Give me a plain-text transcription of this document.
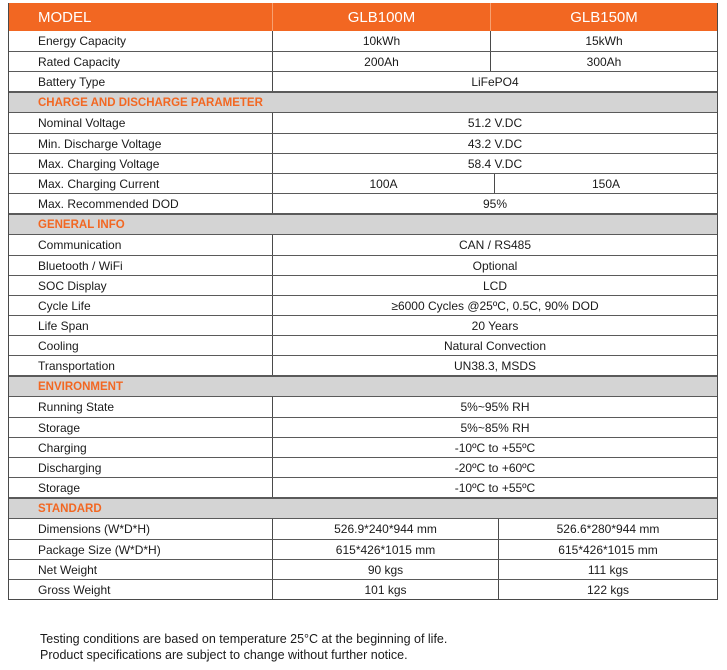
MODEL	GLB100M	GLB150M
Energy Capacity	10kWh	15kWh
Rated Capacity	200Ah	300Ah
Battery Type	LiFePO4
CHARGE AND DISCHARGE PARAMETER
Nominal Voltage	51.2 V.DC
Min. Discharge Voltage	43.2 V.DC
Max. Charging Voltage	58.4 V.DC
Max. Charging Current	100A	150A
Max. Recommended DOD	95%
GENERAL INFO
Communication	CAN / RS485
Bluetooth / WiFi	Optional
SOC Display	LCD
Cycle Life	≥6000 Cycles @25ºC, 0.5C, 90% DOD
Life Span	20 Years
Cooling	Natural Convection
Transportation	UN38.3, MSDS
ENVIRONMENT
Running State	5%~95% RH
Storage	5%~85% RH
Charging	-10ºC to +55ºC
Discharging	-20ºC to +60ºC
Storage	-10ºC to +55ºC
STANDARD
Dimensions (W*D*H)	526.9*240*944 mm	526.6*280*944 mm
Package Size (W*D*H)	615*426*1015 mm	615*426*1015 mm
Net Weight	90 kgs	111 kgs
Gross Weight	101 kgs	122 kgs
Testing conditions are based on temperature 25°C at the beginning of life.
Product specifications are subject to change without further notice.
